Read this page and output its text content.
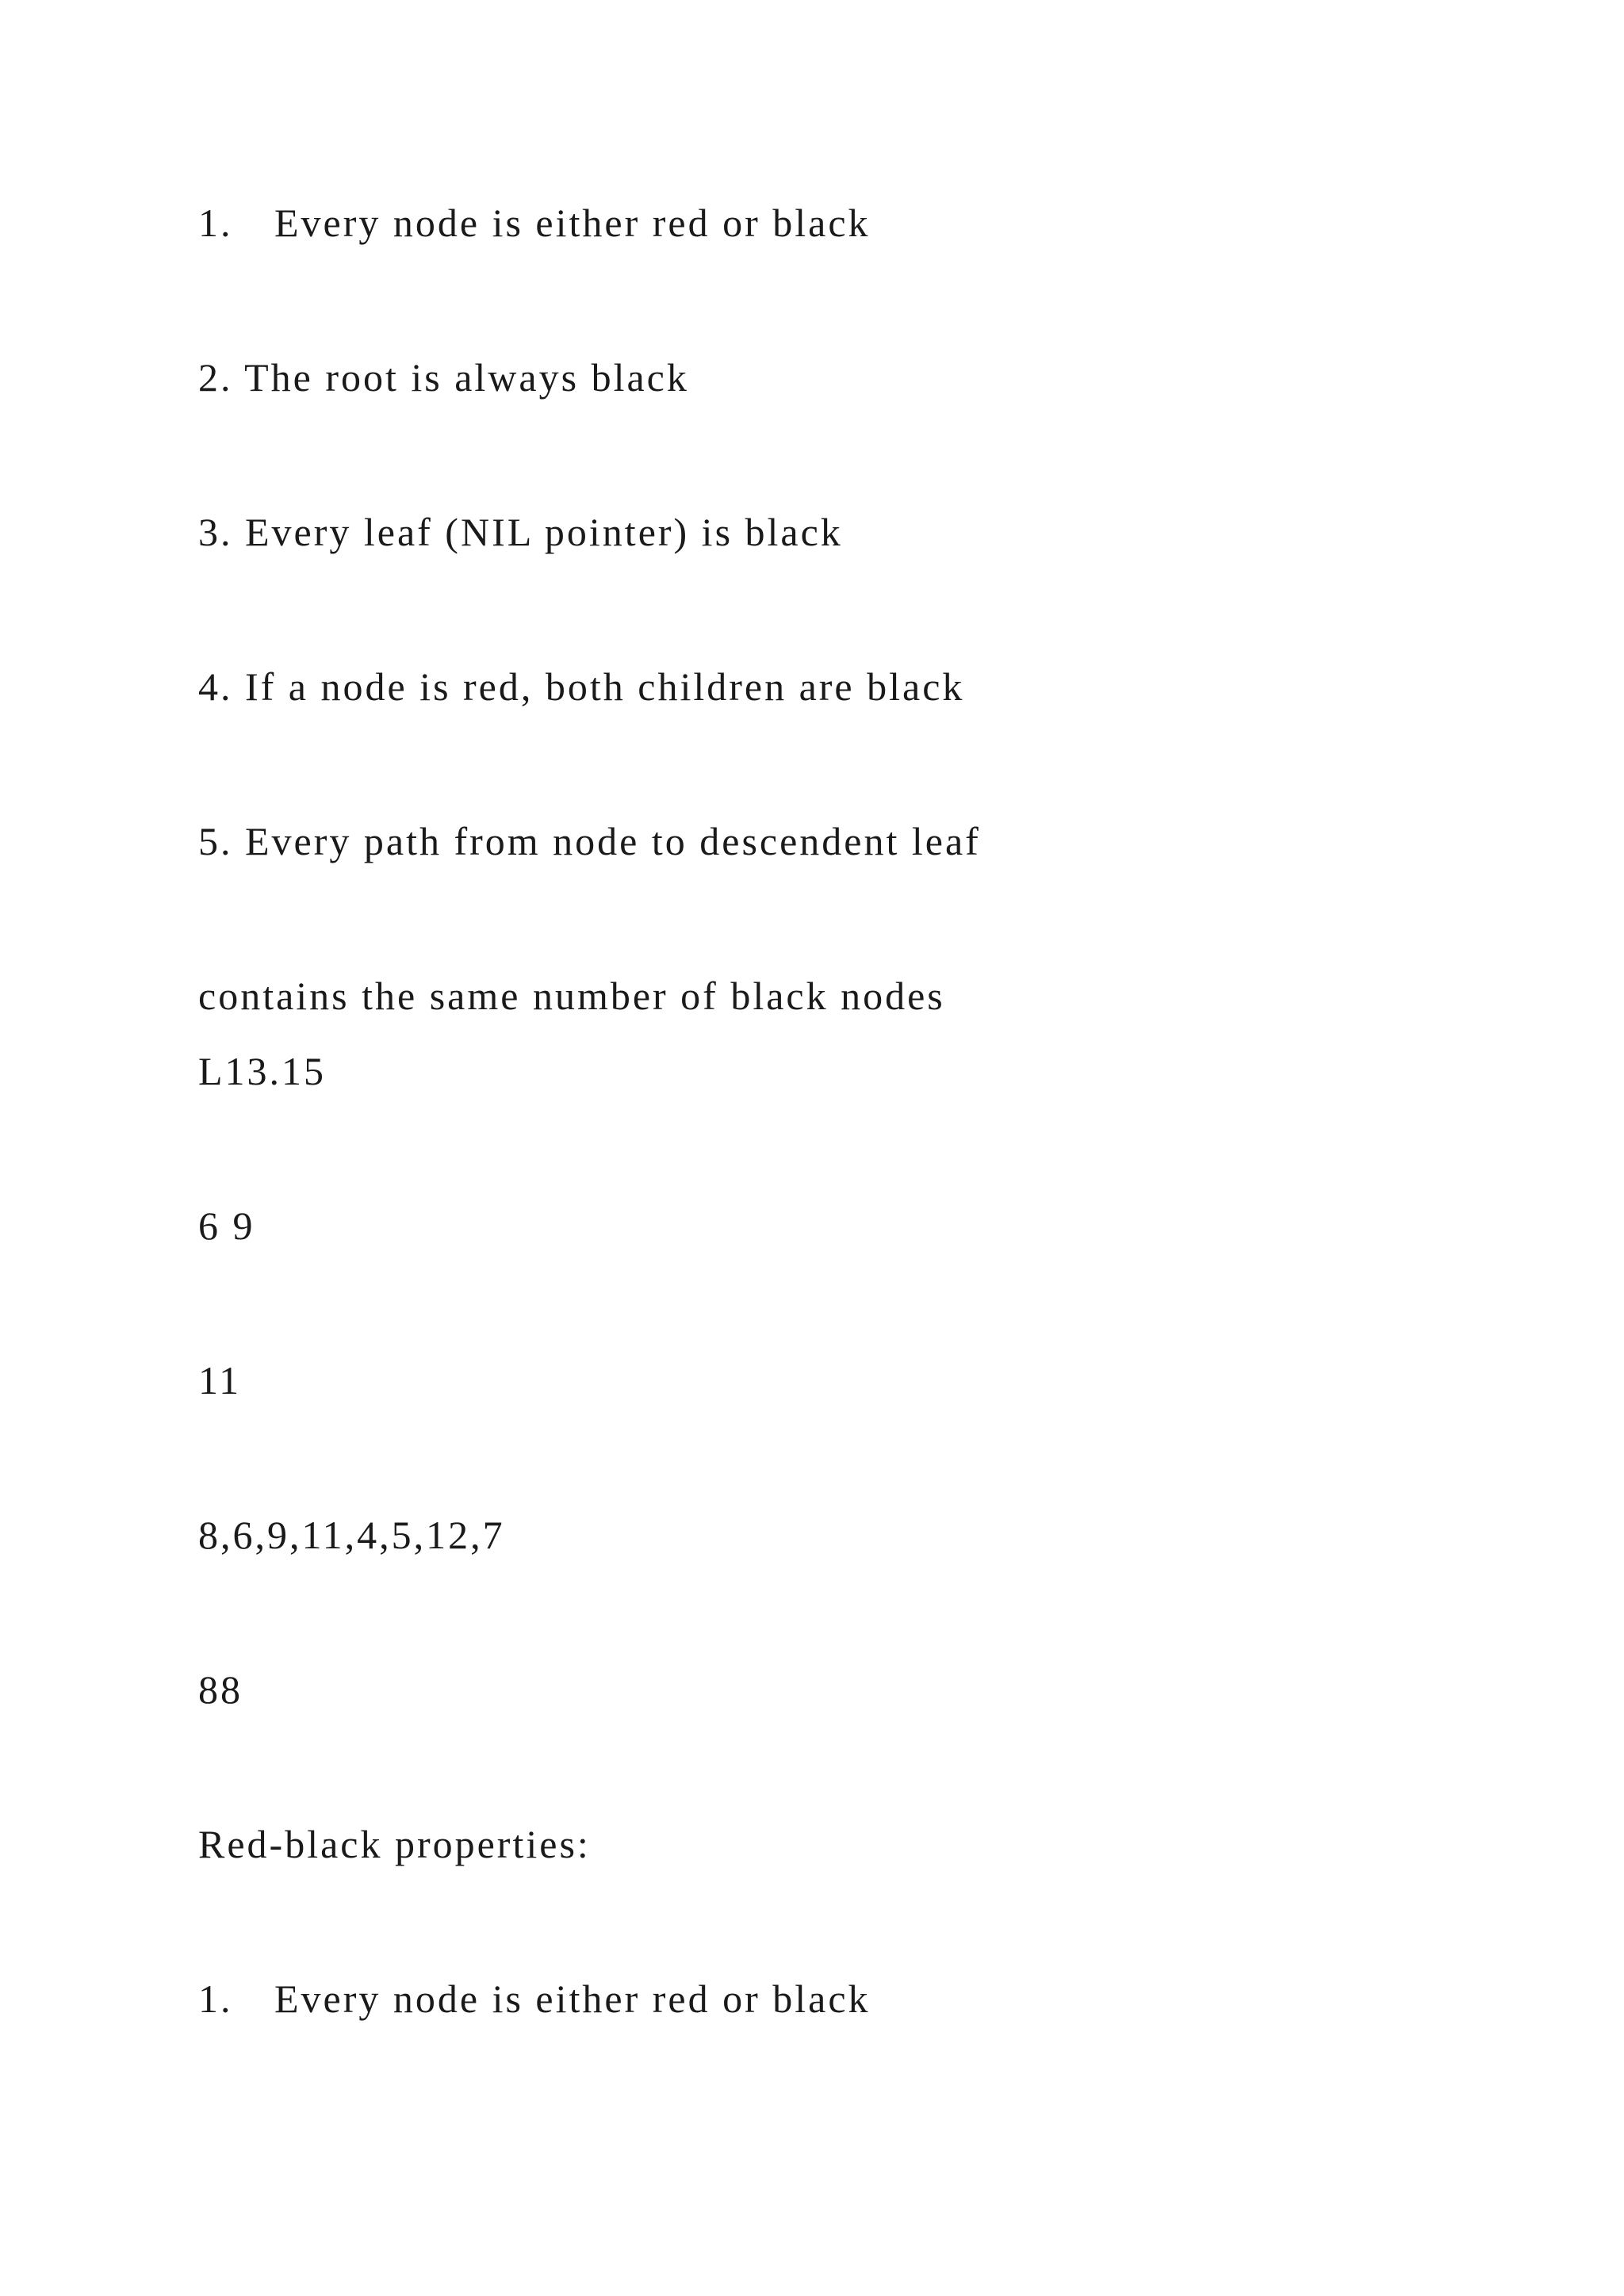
1. Every node is either red or black
2. The root is always black
3. Every leaf (NIL pointer) is black
4. If a node is red, both children are black
5. Every path from node to descendent leaf
contains the same number of black nodes
L13.15
6 9
11
8,6,9,11,4,5,12,7
88
Red-black properties:
1. Every node is either red or black
